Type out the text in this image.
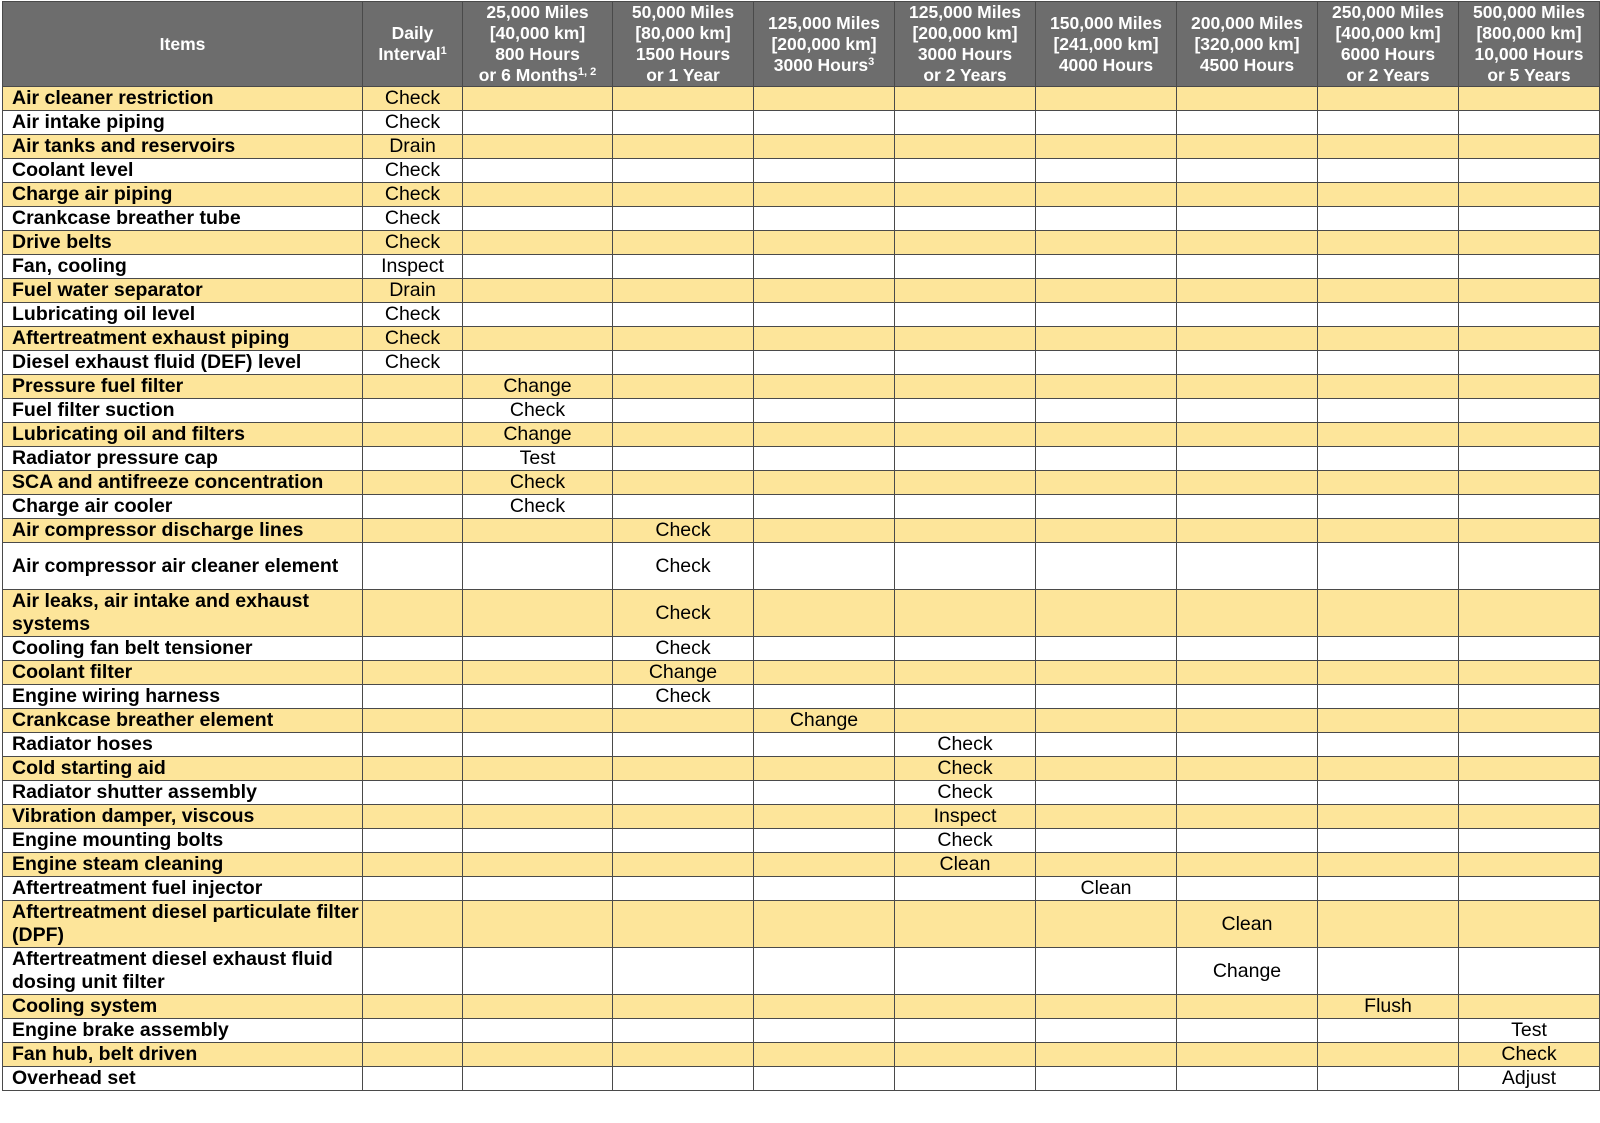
Items	Daily
Interval$^1$	25,000 Miles
[40,000 km]
800 Hours
or 6 Months$^{1, 2}$	50,000 Miles
[80,000 km]
1500 Hours
or 1 Year	125,000 Miles
[200,000 km]
3000 Hours$^3$	125,000 Miles
[200,000 km]
3000 Hours
or 2 Years	150,000 Miles
[241,000 km]
4000 Hours	200,000 Miles
[320,000 km]
4500 Hours	250,000 Miles
[400,000 km]
6000 Hours
or 2 Years	500,000 Miles
[800,000 km]
10,000 Hours
or 5 Years

Air cleaner restriction	Check								
Air intake piping	Check								
Air tanks and reservoirs	Drain								
Coolant level	Check								
Charge air piping	Check								
Crankcase breather tube	Check								
Drive belts	Check								
Fan, cooling	Inspect								
Fuel water separator	Drain								
Lubricating oil level	Check								
Aftertreatment exhaust piping	Check								
Diesel exhaust fluid (DEF) level	Check								
Pressure fuel filter		Change							
Fuel filter suction		Check							
Lubricating oil and filters		Change							
Radiator pressure cap		Test							
SCA and antifreeze concentration		Check							
Charge air cooler		Check							
Air compressor discharge lines			Check						
Air compressor air cleaner element			Check						
Air leaks, air intake and exhaust systems			Check						
Cooling fan belt tensioner			Check						
Coolant filter			Change						
Engine wiring harness			Check						
Crankcase breather element				Change					
Radiator hoses					Check				
Cold starting aid					Check				
Radiator shutter assembly					Check				
Vibration damper, viscous					Inspect				
Engine mounting bolts					Check				
Engine steam cleaning					Clean				
Aftertreatment fuel injector						Clean			
Aftertreatment diesel particulate filter (DPF)							Clean		
Aftertreatment diesel exhaust fluid dosing unit filter							Change		
Cooling system								Flush	
Engine brake assembly									Test
Fan hub, belt driven									Check
Overhead set									Adjust
